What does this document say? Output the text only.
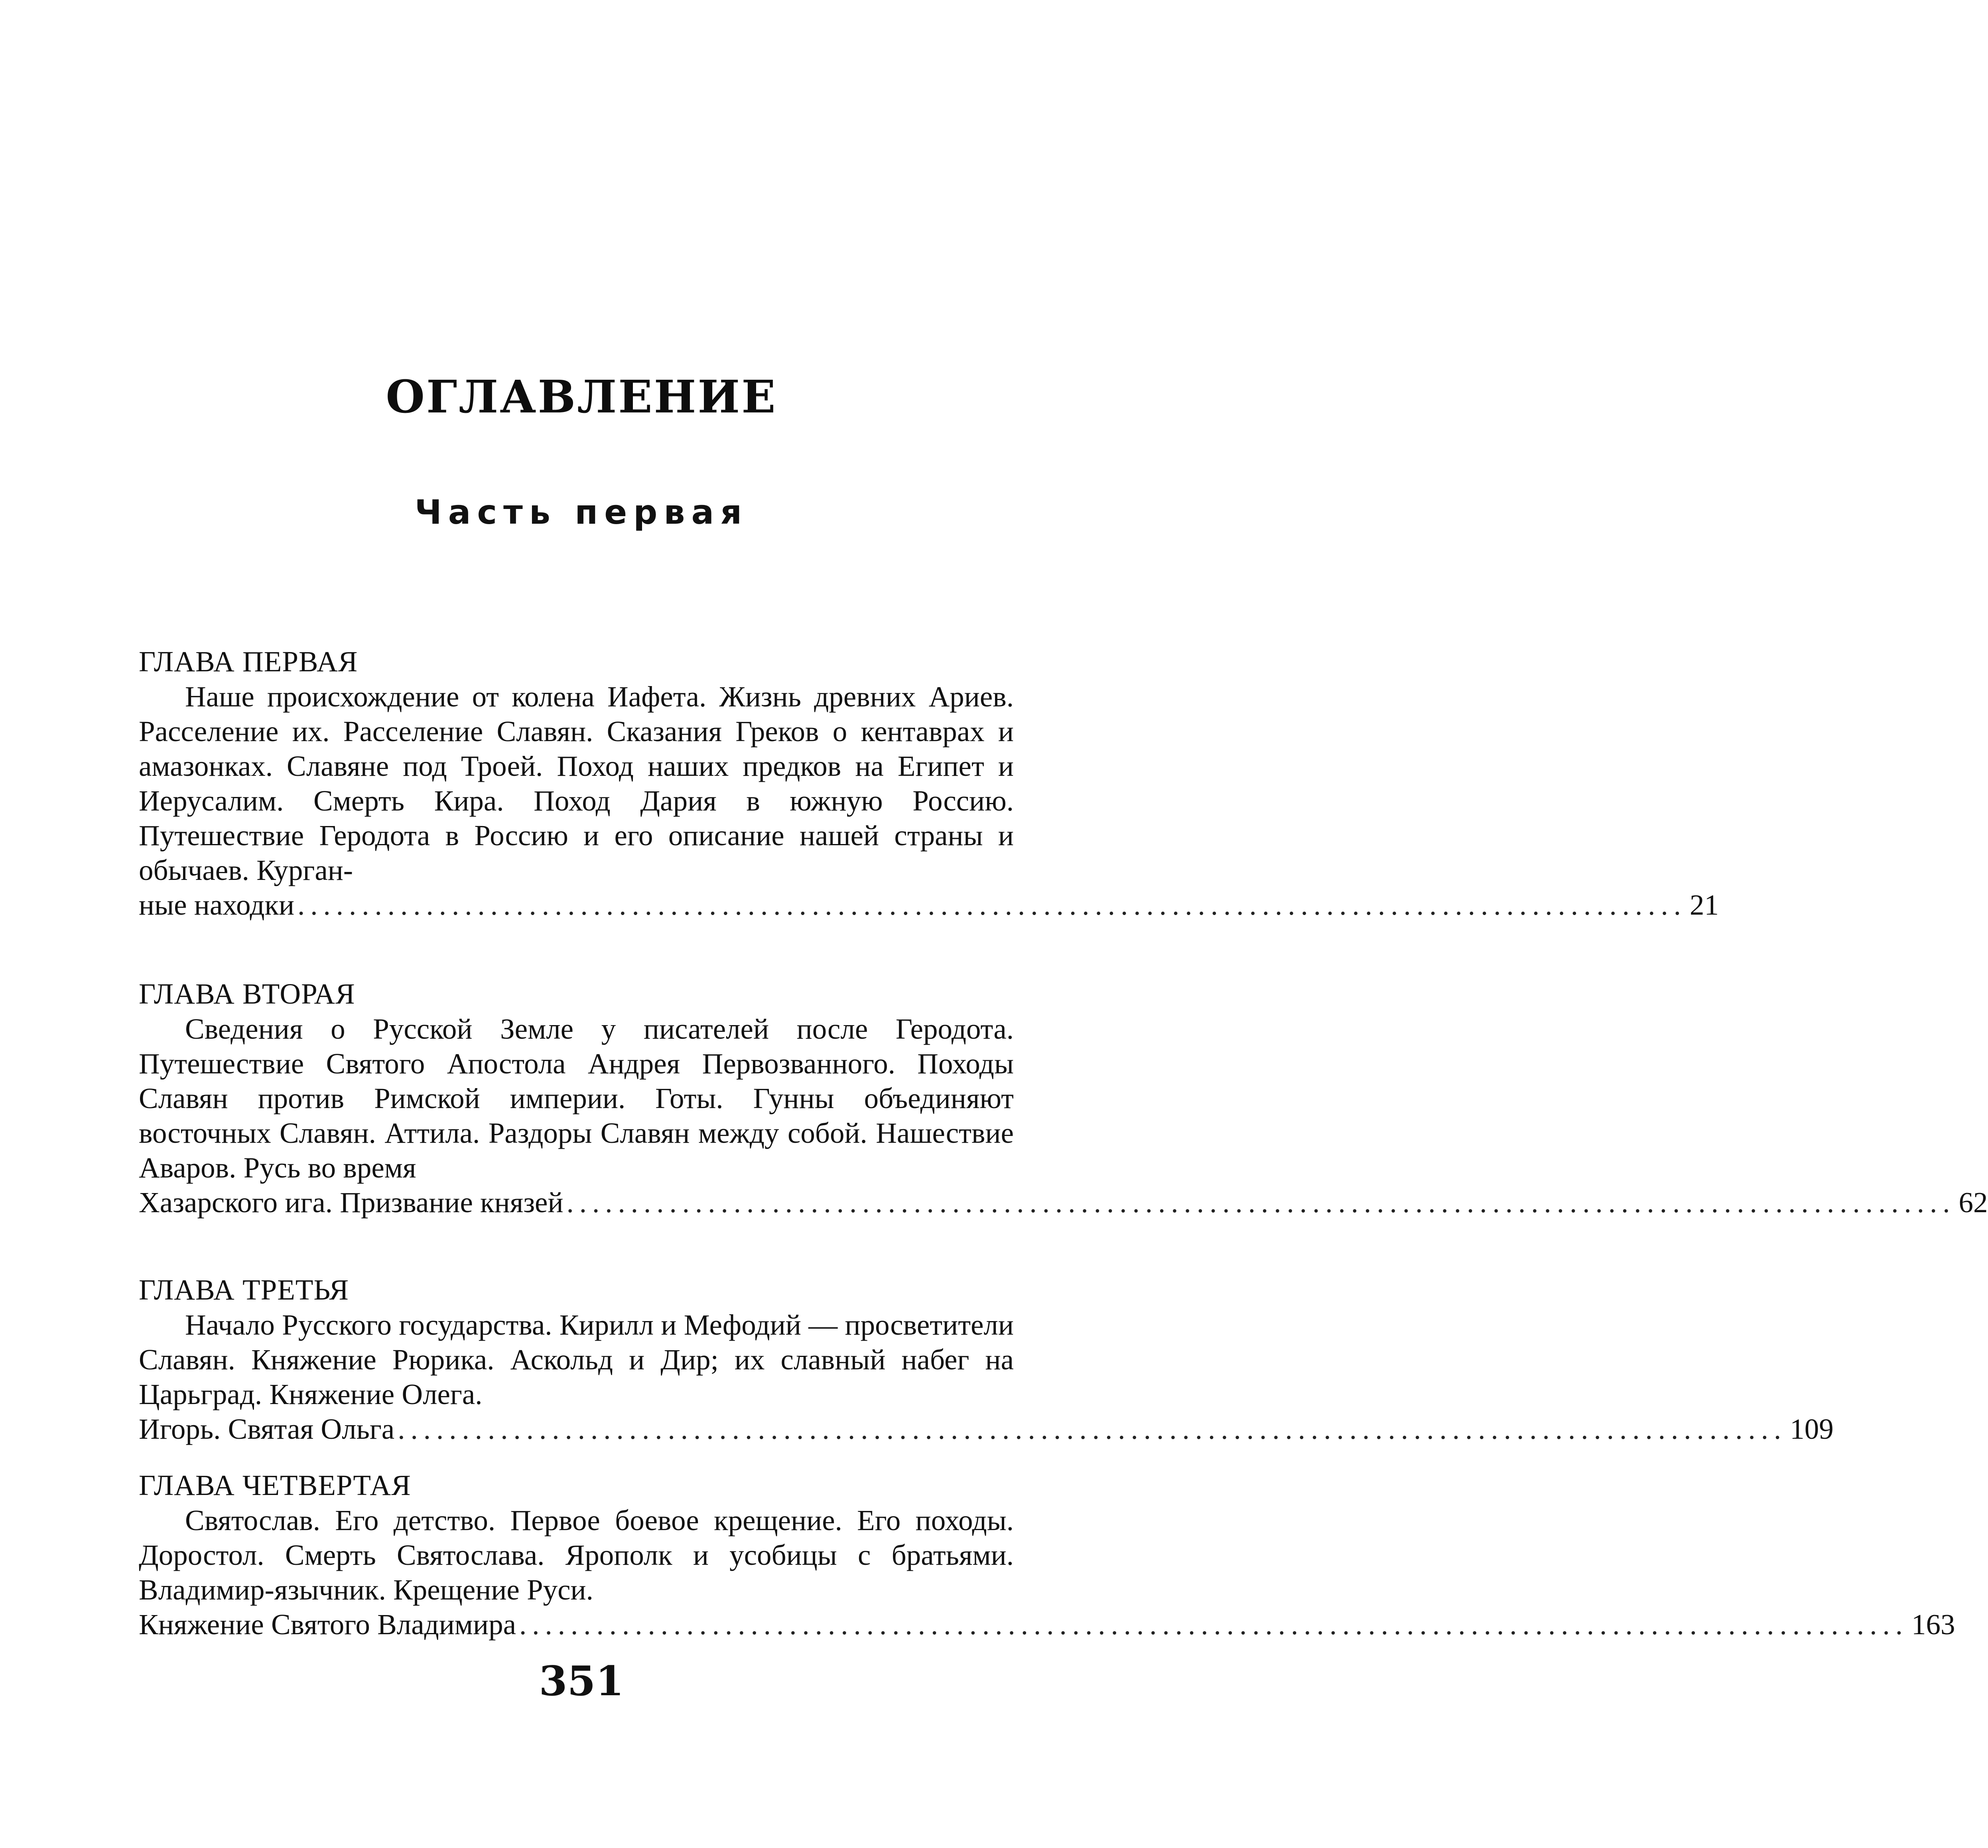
ОГЛАВЛЕНИЕ
Часть первая

ГЛАВА ПЕРВАЯ

Наше происхождение от колена Иафета. Жизнь древних Ариев. Расселение их. Расселение Славян. Сказания Греков о кентаврах и амазонках. Славяне под Троей. Поход наших предков на Египет и Иерусалим. Смерть Кира. Поход Дария в южную Россию. Путешествие Геродота в Россию и его описание нашей страны и обычаев. Курган-

ные находки ............................................................................................................ 21

ГЛАВА ВТОРАЯ

Сведения о Русской Земле у писателей после Геродота. Путешествие Святого Апостола Андрея Первозванного. Походы Славян против Римской империи. Готы. Гунны объединяют восточных Славян. Аттила. Раздоры Славян между собой. Нашествие Аваров. Русь во время

Хазарского ига. Призвание князей ............................................................................................................ 62

ГЛАВА ТРЕТЬЯ

Начало Русского государства. Кирилл и Мефодий — просветители Славян. Княжение Рюрика. Аскольд и Дир; их славный набег на Царьград. Княжение Олега.

Игорь. Святая Ольга ............................................................................................................ 109

ГЛАВА ЧЕТВЕРТАЯ

Святослав. Его детство. Первое боевое крещение. Его походы. Доростол. Смерть Святослава. Ярополк и усобицы с братьями. Владимир-язычник. Крещение Руси.

Княжение Святого Владимира ............................................................................................................ 163

351
